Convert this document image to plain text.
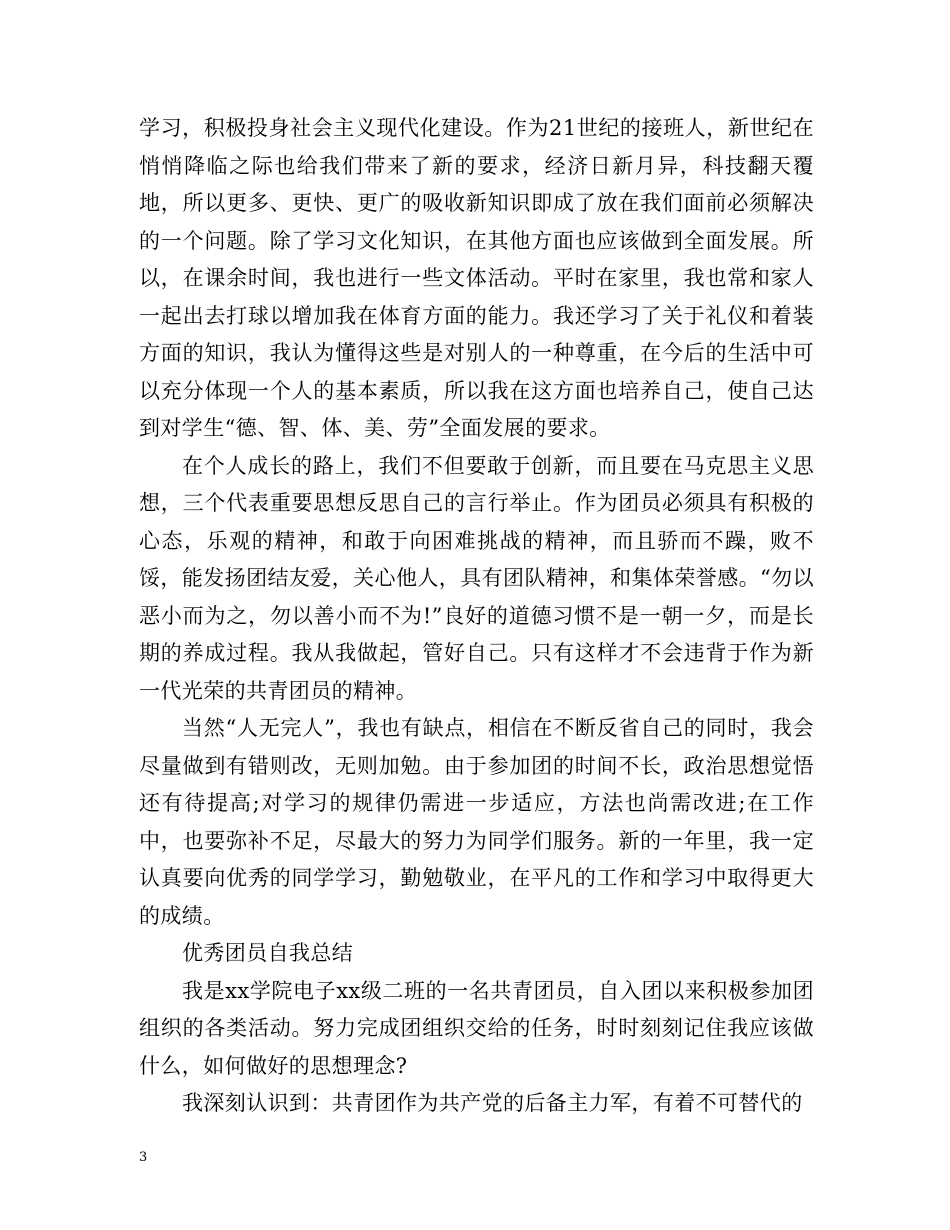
学习，积极投身社会主义现代化建设。作为21世纪的接班人，新世纪在悄悄降临之际也给我们带来了新的要求，经济日新月异，科技翻天覆地，所以更多、更快、更广的吸收新知识即成了放在我们面前必须解决的一个问题。除了学习文化知识，在其他方面也应该做到全面发展。所以，在课余时间，我也进行一些文体活动。平时在家里，我也常和家人一起出去打球以增加我在体育方面的能力。我还学习了关于礼仪和着装方面的知识，我认为懂得这些是对别人的一种尊重，在今后的生活中可以充分体现一个人的基本素质，所以我在这方面也培养自己，使自己达到对学生“德、智、体、美、劳”全面发展的要求。

在个人成长的路上，我们不但要敢于创新，而且要在马克思主义思想，三个代表重要思想反思自己的言行举止。作为团员必须具有积极的心态，乐观的精神，和敢于向困难挑战的精神，而且骄而不躁，败不馁，能发扬团结友爱，关心他人，具有团队精神，和集体荣誉感。“勿以恶小而为之，勿以善小而不为!”良好的道德习惯不是一朝一夕，而是长期的养成过程。我从我做起，管好自己。只有这样才不会违背于作为新一代光荣的共青团员的精神。

当然“人无完人”，我也有缺点，相信在不断反省自己的同时，我会尽量做到有错则改，无则加勉。由于参加团的时间不长，政治思想觉悟还有待提高;对学习的规律仍需进一步适应，方法也尚需改进;在工作中，也要弥补不足，尽最大的努力为同学们服务。新的一年里，我一定认真要向优秀的同学学习，勤勉敬业，在平凡的工作和学习中取得更大的成绩。

优秀团员自我总结

我是xx学院电子xx级二班的一名共青团员，自入团以来积极参加团组织的各类活动。努力完成团组织交给的任务，时时刻刻记住我应该做什么，如何做好的思想理念?

我深刻认识到：共青团作为共产党的后备主力军，有着不可替代的

3
